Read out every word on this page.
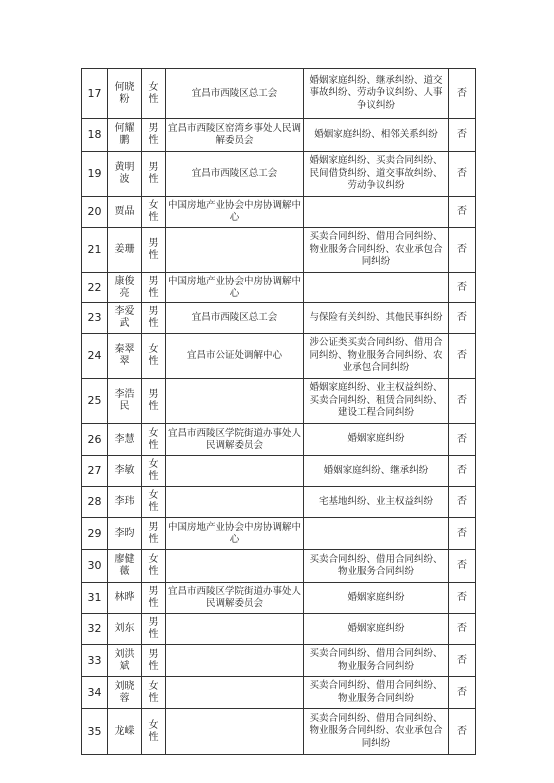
17	何晓粉	女性	宜昌市西陵区总工会	婚姻家庭纠纷、继承纠纷、道交事故纠纷、劳动争议纠纷、人事争议纠纷	否
18	何耀鹏	男性	宜昌市西陵区窑湾乡事处人民调解委员会	婚姻家庭纠纷、相邻关系纠纷	否
19	黄明波	男性	宜昌市西陵区总工会	婚姻家庭纠纷、买卖合同纠纷、民间借贷纠纷、道交事故纠纷、劳动争议纠纷	否
20	贾晶	女性	中国房地产业协会中房协调解中心		否
21	姜珊	男性		买卖合同纠纷、借用合同纠纷、物业服务合同纠纷、农业承包合同纠纷	否
22	康俊亮	男性	中国房地产业协会中房协调解中心		否
23	李爱武	男性	宜昌市西陵区总工会	与保险有关纠纷、其他民事纠纷	否
24	秦翠翠	女性	宜昌市公证处调解中心	涉公证类买卖合同纠纷、借用合同纠纷、物业服务合同纠纷、农业承包合同纠纷	否
25	李浩民	男性		婚姻家庭纠纷、业主权益纠纷、买卖合同纠纷、租赁合同纠纷、建设工程合同纠纷	否
26	李慧	女性	宜昌市西陵区学院街道办事处人民调解委员会	婚姻家庭纠纷	否
27	李敏	女性		婚姻家庭纠纷、继承纠纷	否
28	李玮	女性		宅基地纠纷、业主权益纠纷	否
29	李昀	男性	中国房地产业协会中房协调解中心		否
30	廖健薇	女性		买卖合同纠纷、借用合同纠纷、物业服务合同纠纷	否
31	林晔	男性	宜昌市西陵区学院街道办事处人民调解委员会	婚姻家庭纠纷	否
32	刘东	男性		婚姻家庭纠纷	否
33	刘洪斌	男性		买卖合同纠纷、借用合同纠纷、物业服务合同纠纷	否
34	刘晓蓉	女性		买卖合同纠纷、借用合同纠纷、物业服务合同纠纷	否
35	龙嵘	女性		买卖合同纠纷、借用合同纠纷、物业服务合同纠纷、农业承包合同纠纷	否
